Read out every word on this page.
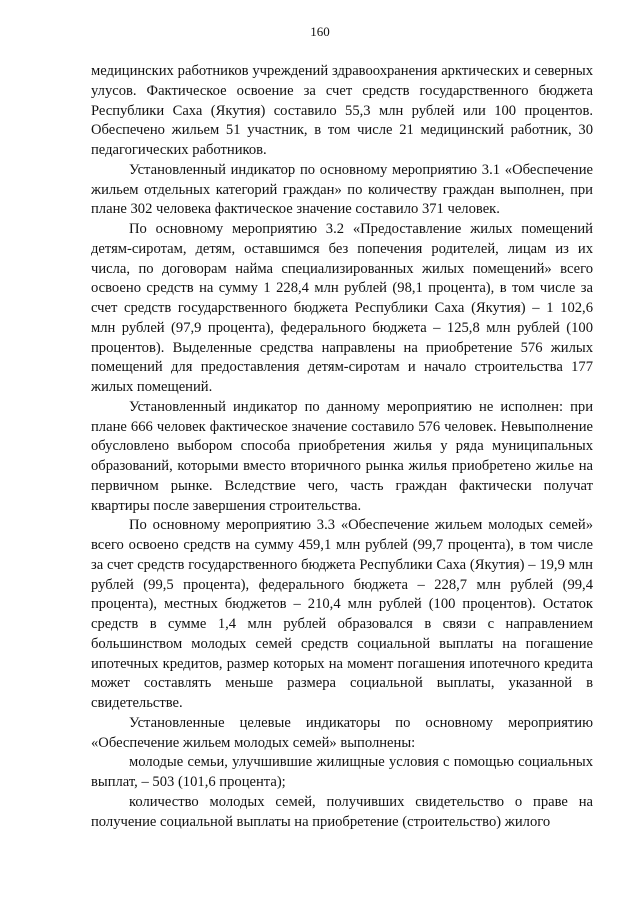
160

медицинских работников учреждений здравоохранения арктических и северных улусов. Фактическое освоение за счет средств государственного бюджета Республики Саха (Якутия) составило 55,3 млн рублей или 100 процентов. Обеспечено жильем 51 участник, в том числе 21 медицинский работник, 30 педагогических работников.

Установленный индикатор по основному мероприятию 3.1 «Обеспечение жильем отдельных категорий граждан» по количеству граждан выполнен, при плане 302 человека фактическое значение составило 371 человек.

По основному мероприятию 3.2 «Предоставление жилых помещений детям-сиротам, детям, оставшимся без попечения родителей, лицам из их числа, по договорам найма специализированных жилых помещений» всего освоено средств на сумму 1 228,4 млн рублей (98,1 процента), в том числе за счет средств государственного бюджета Республики Саха (Якутия) – 1 102,6 млн рублей (97,9 процента), федерального бюджета – 125,8 млн рублей (100 процентов). Выделенные средства направлены на приобретение 576 жилых помещений для предоставления детям-сиротам и начало строительства 177 жилых помещений.

Установленный индикатор по данному мероприятию не исполнен: при плане 666 человек фактическое значение составило 576 человек. Невыполнение обусловлено выбором способа приобретения жилья у ряда муниципальных образований, которыми вместо вторичного рынка жилья приобретено жилье на первичном рынке. Вследствие чего, часть граждан фактически получат квартиры после завершения строительства.

По основному мероприятию 3.3 «Обеспечение жильем молодых семей» всего освоено средств на сумму 459,1 млн рублей (99,7 процента), в том числе за счет средств государственного бюджета Республики Саха (Якутия) – 19,9 млн рублей (99,5 процента), федерального бюджета – 228,7 млн рублей (99,4 процента), местных бюджетов – 210,4 млн рублей (100 процентов). Остаток средств в сумме 1,4 млн рублей образовался в связи с направлением большинством молодых семей средств социальной выплаты на погашение ипотечных кредитов, размер которых на момент погашения ипотечного кредита может составлять меньше размера социальной выплаты, указанной в свидетельстве.

Установленные целевые индикаторы по основному мероприятию «Обеспечение жильем молодых семей» выполнены:

молодые семьи, улучшившие жилищные условия с помощью социальных выплат, – 503 (101,6 процента);

количество молодых семей, получивших свидетельство о праве на получение социальной выплаты на приобретение (строительство) жилого
